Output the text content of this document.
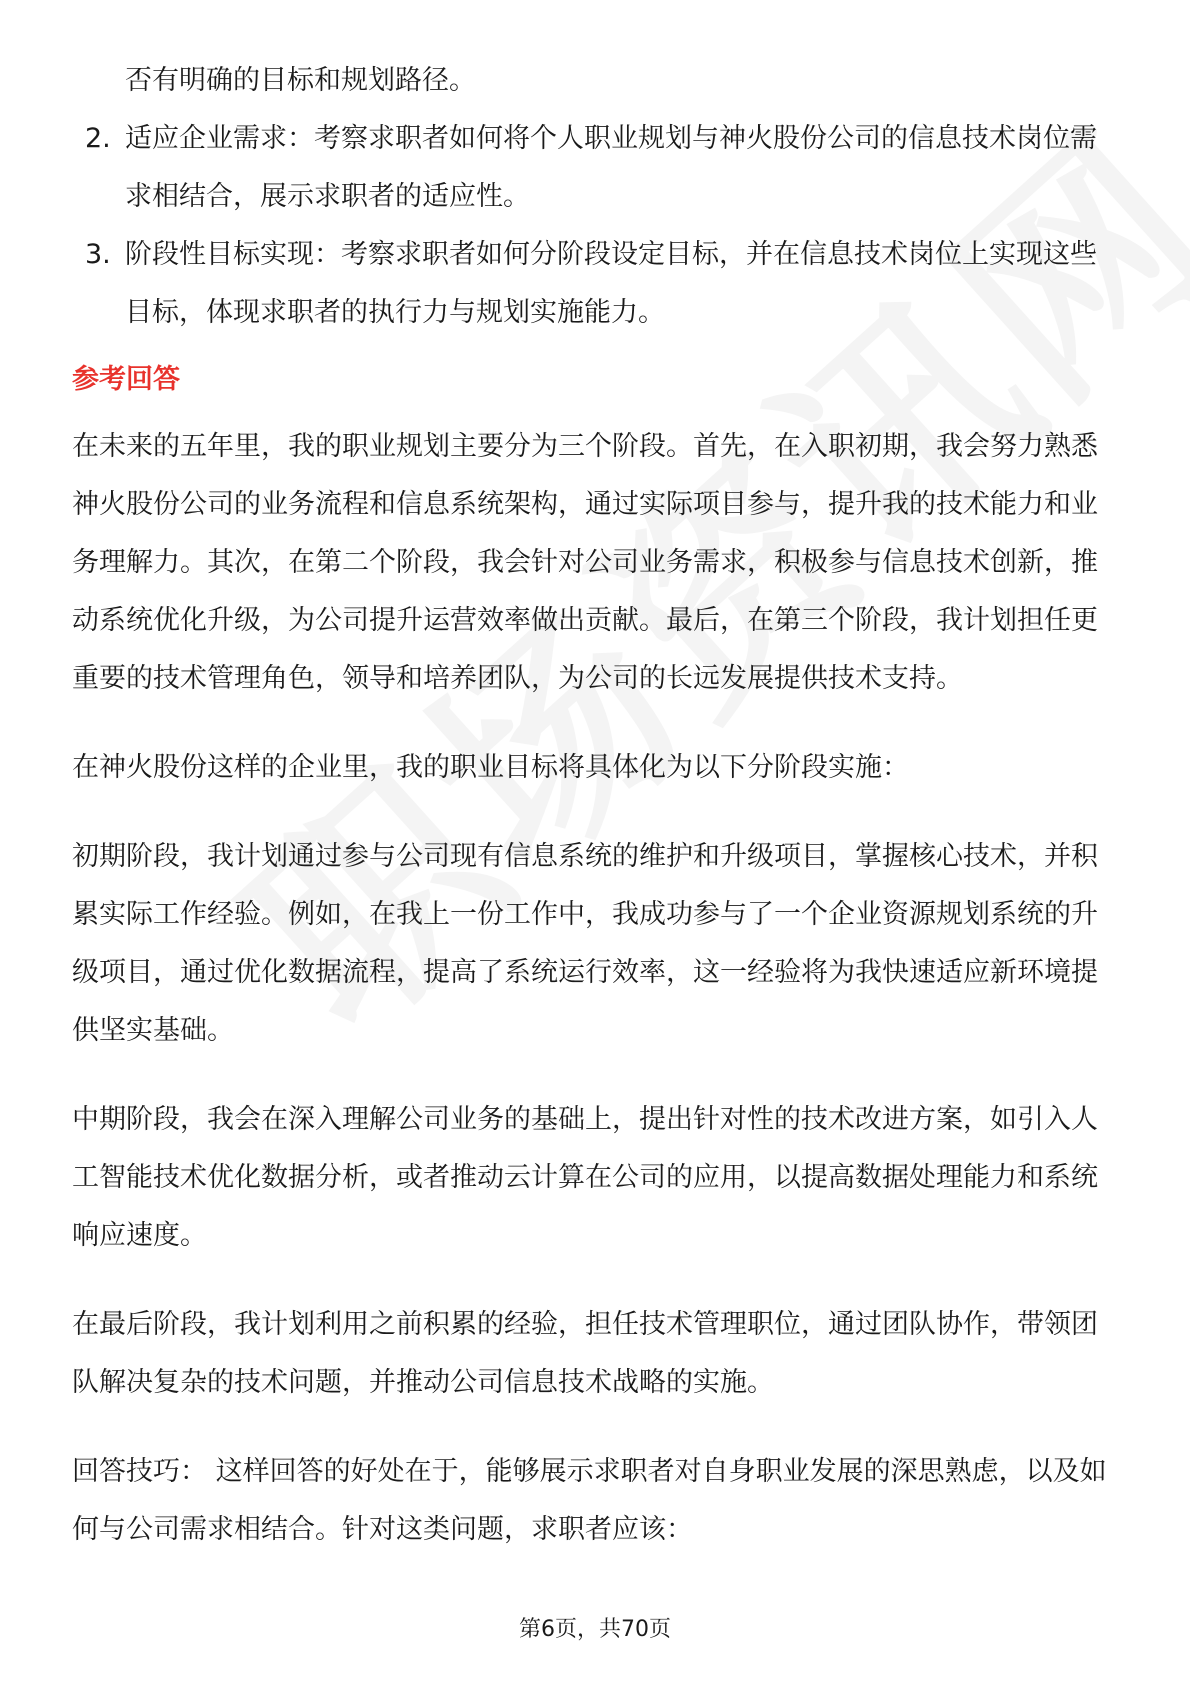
否有明确的目标和规划路径。

2. 适应企业需求：考察求职者如何将个人职业规划与神火股份公司的信息技术岗位需求相结合，展示求职者的适应性。
3. 阶段性目标实现：考察求职者如何分阶段设定目标，并在信息技术岗位上实现这些目标，体现求职者的执行力与规划实施能力。
参考回答

在未来的五年里，我的职业规划主要分为三个阶段。首先，在入职初期，我会努力熟悉神火股份公司的业务流程和信息系统架构，通过实际项目参与，提升我的技术能力和业务理解力。其次，在第二个阶段，我会针对公司业务需求，积极参与信息技术创新，推动系统优化升级，为公司提升运营效率做出贡献。最后，在第三个阶段，我计划担任更重要的技术管理角色，领导和培养团队，为公司的长远发展提供技术支持。

在神火股份这样的企业里，我的职业目标将具体化为以下分阶段实施：

初期阶段，我计划通过参与公司现有信息系统的维护和升级项目，掌握核心技术，并积累实际工作经验。例如，在我上一份工作中，我成功参与了一个企业资源规划系统的升级项目，通过优化数据流程，提高了系统运行效率，这一经验将为我快速适应新环境提供坚实基础。

中期阶段，我会在深入理解公司业务的基础上，提出针对性的技术改进方案，如引入人工智能技术优化数据分析，或者推动云计算在公司的应用，以提高数据处理能力和系统响应速度。

在最后阶段，我计划利用之前积累的经验，担任技术管理职位，通过团队协作，带领团队解决复杂的技术问题，并推动公司信息技术战略的实施。

回答技巧： 这样回答的好处在于，能够展示求职者对自身职业发展的深思熟虑，以及如何与公司需求相结合。针对这类问题，求职者应该：

第6页，共70页
